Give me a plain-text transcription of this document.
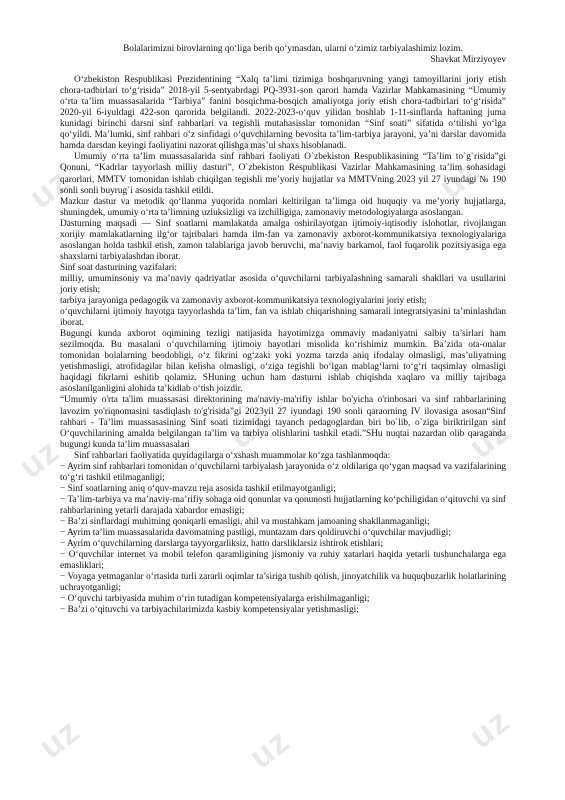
uz
uz
uz
uz
uz	uz
uz	uz	uz

Bolalarimizni birovlarning qo‘liga berib qo‘ymasdan, ularni o‘zimiz tarbiyalashimiz lozim.

Shavkat Mirziyoyev

O‘zbekiston Respublikasi Prezidentining “Xalq ta’limi tizimiga boshqaruvning yangi tamoyillarini joriy etish chora-tadbirlari to‘g‘risida” 2018-yil 5-sentyabrdagi PQ-3931-son qarori hamda Vazirlar Mahkamasining “Umumiy o‘rta ta’lim muassasalarida “Tarbiya” fanini bosqichma-bosqich amaliyotga joriy etish chora-tadbirlari to‘g‘risida” 2020-yil 6-iyuldagi 422-son qarorida belgilandi. 2022-2023-o‘quv yilidan boshlab 1-11-sinflarda haftaning juma kunidagi birinchi darsni sinf rahbarlari va tegishli mutahasisslar tomonidan “Sinf soati” sifatida o‘tilishi yo‘lga qo‘yildi. Ma’lumki, sinf rahbari o‘z sinfidagi o‘quvchilarning bevosita ta’lim-tarbiya jarayoni, ya’ni darslar davomida hamda darsdan keyingi faoliyatini nazorat qilishga mas’ul shaxs hisoblanadi.

Umumiy o‘rta ta’lim muassasalarida sinf rahbari faoliyati O`zbekiston Respublikasining “Ta’lim to`g`risida”gi Qonuni, “Kadrlar tayyorlash milliy dasturi”, O`zbekiston Respublikasi Vazirlar Mahkamasining ta’lim sohasidagi qarorlari, MMTV tomonidan ishlab chiqilgan tegishli me’yoriy hujjatlar va MMTVning 2023 yil 27 iyundagi № 190 sonli sonli buyrug`i asosida tashkil etildi.

Mazkur dastur va metodik qo‘llanma yuqorida nomlari keltirilgan ta’limga oid huquqiy va me’yoriy hujjatlarga, shuningdek, umumiy o‘rta ta’limning uzluksizligi va izchilligiga, zamonaviy metodologiyalarga asoslangan.

Dasturning maqsadi — Sinf soatlarni mamlakatda amalga oshirilayotgan ijtimoiy-iqtisodiy islohotlar, rivojlangan xorijiy mamlakatlarning ilg‘or tajribalari hamda ilm-fan va zamonaviy axborot-kommunikatsiya texnologiyalariga asoslangan holda tashkil etish, zamon talablariga javob beruvchi, ma’naviy barkamol, faol fuqarolik pozitsiyasiga ega shaxslarni tarbiyalashdan iborat.

Sinf soat dasturining vazifalari:

milliy, umuminsoniy va ma’naviy qadriyatlar asosida o‘quvchilarni tarbiyalashning samarali shakllari va usullarini joriy etish;

tarbiya jarayoniga pedagogik va zamonaviy axborot-kommunikatsiya texnologiyalarini joriy etish;

o‘quvchilarni ijtimoiy hayotga tayyorlashda ta’lim, fan va ishlab chiqarishning samarali integratsiyasini ta’minlashdan iborat.

Bugungi kunda axborot oqimining tezligi natijasida hayotimizga ommaviy madaniyatni salbiy ta’sirlari ham sezilmoqda. Bu masalani o‘quvchilarning ijtimoiy hayotlari misolida ko‘rishimiz mumkin. Ba’zida ota-onalar tomonidan bolalarning beodobligi, o‘z fikrini og‘zaki yoki yozma tarzda aniq ifodalay olmasligi, mas’uliyatning yetishmasligi, atrofidagilar bilan kelisha olmasligi, o‘ziga tegishli bo‘lgan mablag‘larni to‘g‘ri taqsimlay olmasligi haqidagi fikrlarni eshitib qolamiz. SHuning uchun ham dasturni ishlab chiqishda xaqlaro va milliy tajribaga asoslanilganligini alohida ta’kidlab o‘tish joizdir.

“Umumiy o'rta ta'lim muassasasi direktorining ma'naviy-ma'rifiy ishlar bo'yicha o'rinbosari va sinf rahbarlarining lavozim yo'riqnomasini tasdiqlash to'g'risida”gi 2023yil 27 iyundagi 190 sonli qaraorning IV ilovasiga asosan“Sinf rahbari - Ta’lim muassasasining Sinf soati tizimidagi tayanch pedagoglardan biri bo`lib, o`ziga biriktirilgan sinf O‘quvchilarining amalda belgilangan ta’lim va tarbiya olishlarini tashkil etadi.”SHu nuqtai nazardan olib qaraganda bugungi kunda ta’lim muassasalari

Sinf rahbarlari faoliyatida quyidagilarga o‘xshash muammolar ko‘zga tashlanmoqda:

− Ayrim sinf rahbarlari tomonidan o‘quvchilarni tarbiyalash jarayonida o‘z oldilariga qo‘ygan maqsad va vazifalarining to‘g‘ri tashkil etilmaganligi;

− Sinf soatlarning aniq o‘quv-mavzu reja asosida tashkil etilmayotganligi;

− Ta’lim-tarbiya va ma’naviy-ma’rifiy sohaga oid qonunlar va qonunosti hujjatlarning ko‘pchiligidan o‘qituvchi va sinf rahbarlarining yetarli darajada xabardor emasligi;

− Ba’zi sinflardagi muhitning qoniqarli emasligi, ahil va mustahkam jamoaning shakllanmaganligi;

− Ayrim ta’lim muassasalarida davomatning pastligi, muntazam dars qoldiruvchi o‘quvchilar mavjudligi;

− Ayrim o‘quvchilarning darslarga tayyorgarliksiz, hatto darsliklarsiz ishtirok etishlari;

− O‘quvchilar internet va mobil telefon qaramligining jismoniy va ruhiy xatarlari haqida yetarli tushunchalarga ega emasliklari;

− Voyaga yetmaganlar o‘rtasida turli zararli oqimlar ta’siriga tushib qolish, jinoyatchilik va huquqbuzarlik holatlarining uchrayotganligi;

− O‘quvchi tarbiyasida muhim o‘rin tutadigan kompetensiyalarga erishilmaganligi;

− Ba’zi o‘qituvchi va tarbiyachilarimizda kasbiy kompetensiyalar yetishmasligi;
